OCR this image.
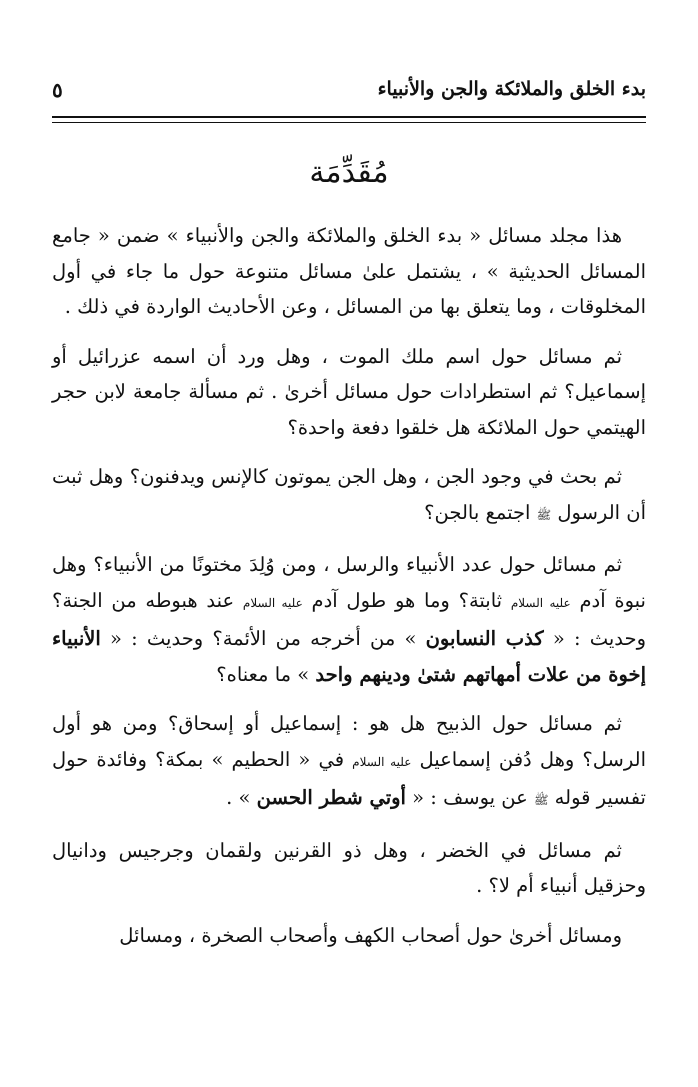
بدء الخلق والملائكة والجن والأنبياء
٥
مُقَدِّمَة

هذا مجلد مسائل « بدء الخلق والملائكة والجن والأنبياء » ضمن « جامع المسائل الحديثية » ، يشتمل علىٰ مسائل متنوعة حول ما جاء في أول المخلوقات ، وما يتعلق بها من المسائل ، وعن الأحاديث الواردة في ذلك .

ثم مسائل حول اسم ملك الموت ، وهل ورد أن اسمه عزرائيل أو إسماعيل؟ ثم استطرادات حول مسائل أخرىٰ . ثم مسألة جامعة لابن حجر الهيتمي حول الملائكة هل خلقوا دفعة واحدة؟

ثم بحث في وجود الجن ، وهل الجن يموتون كالإنس ويدفنون؟ وهل ثبت أن الرسول ﷺ اجتمع بالجن؟

ثم مسائل حول عدد الأنبياء والرسل ، ومن وُلِدَ مختونًا من الأنبياء؟ وهل نبوة آدم عليه السلام ثابتة؟ وما هو طول آدم عليه السلام عند هبوطه من الجنة؟ وحديث : « كذب النسابون » من أخرجه من الأئمة؟ وحديث : « الأنبياء إخوة من علات أمهاتهم شتىٰ ودينهم واحد » ما معناه؟

ثم مسائل حول الذبيح هل هو : إسماعيل أو إسحاق؟ ومن هو أول الرسل؟ وهل دُفن إسماعيل عليه السلام في « الحطيم » بمكة؟ وفائدة حول تفسير قوله ﷺ عن يوسف : « أوتي شطر الحسن » .

ثم مسائل في الخضر ، وهل ذو القرنين ولقمان وجرجيس ودانيال وحزقيل أنبياء أم لا؟ .

ومسائل أخرىٰ حول أصحاب الكهف وأصحاب الصخرة ، ومسائل
